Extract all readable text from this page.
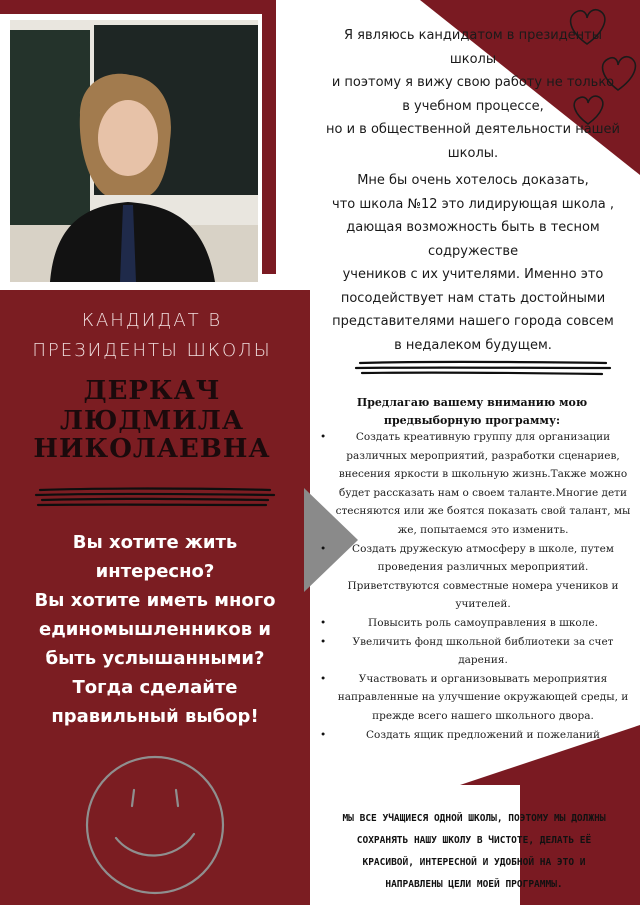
КАНДИДАТ В
ПРЕЗИДЕНТЫ ШКОЛЫ
ДЕРКАЧ ЛЮДМИЛА
НИКОЛАЕВНА
Вы хотите жить
интересно?
Вы хотите иметь много
единомышленников и
быть услышанными?
Тогда сделайте
правильный выбор!
Я являюсь кандидатом в президенты
школы
и поэтому я вижу свою работу не только
в учебном процессе,
но и в общественной деятельности нашей
школы.
Мне бы очень хотелось доказать,
что школа №12 это лидирующая школа ,
дающая возможность быть в тесном
содружестве
учеников с их учителями. Именно это
посодействует нам стать достойными
представителями нашего города совсем
в недалеком будущем.
Предлагаю вашему вниманию мою
предвыборную программу:
• Создать креативную группу для организации различных мероприятий, разработки сценариев, внесения яркости в школьную жизнь.Также можно будет рассказать нам о своем таланте.Многие дети стесняются или же боятся показать свой талант, мы же, попытаемся это изменить.
• Создать дружескую атмосферу в школе, путем проведения различных мероприятий. Приветствуются совместные номера учеников и учителей.
• Повысить роль самоуправления в школе.
• Увеличить фонд школьной библиотеки за счет дарения.
• Участвовать и организовывать мероприятия направленные на улучшение окружающей среды, и прежде всего нашего школьного двора.
• Создать ящик предложений и пожеланий
МЫ ВСЕ УЧАЩИЕСЯ ОДНОЙ ШКОЛЫ, ПОЭТОМУ МЫ ДОЛЖНЫ
СОХРАНЯТЬ НАШУ ШКОЛУ В ЧИСТОТЕ, ДЕЛАТЬ ЕЁ
КРАСИВОЙ, ИНТЕРЕСНОЙ И УДОБНОЙ НА ЭТО И
НАПРАВЛЕНЫ ЦЕЛИ МОЕЙ ПРОГРАММЫ.
